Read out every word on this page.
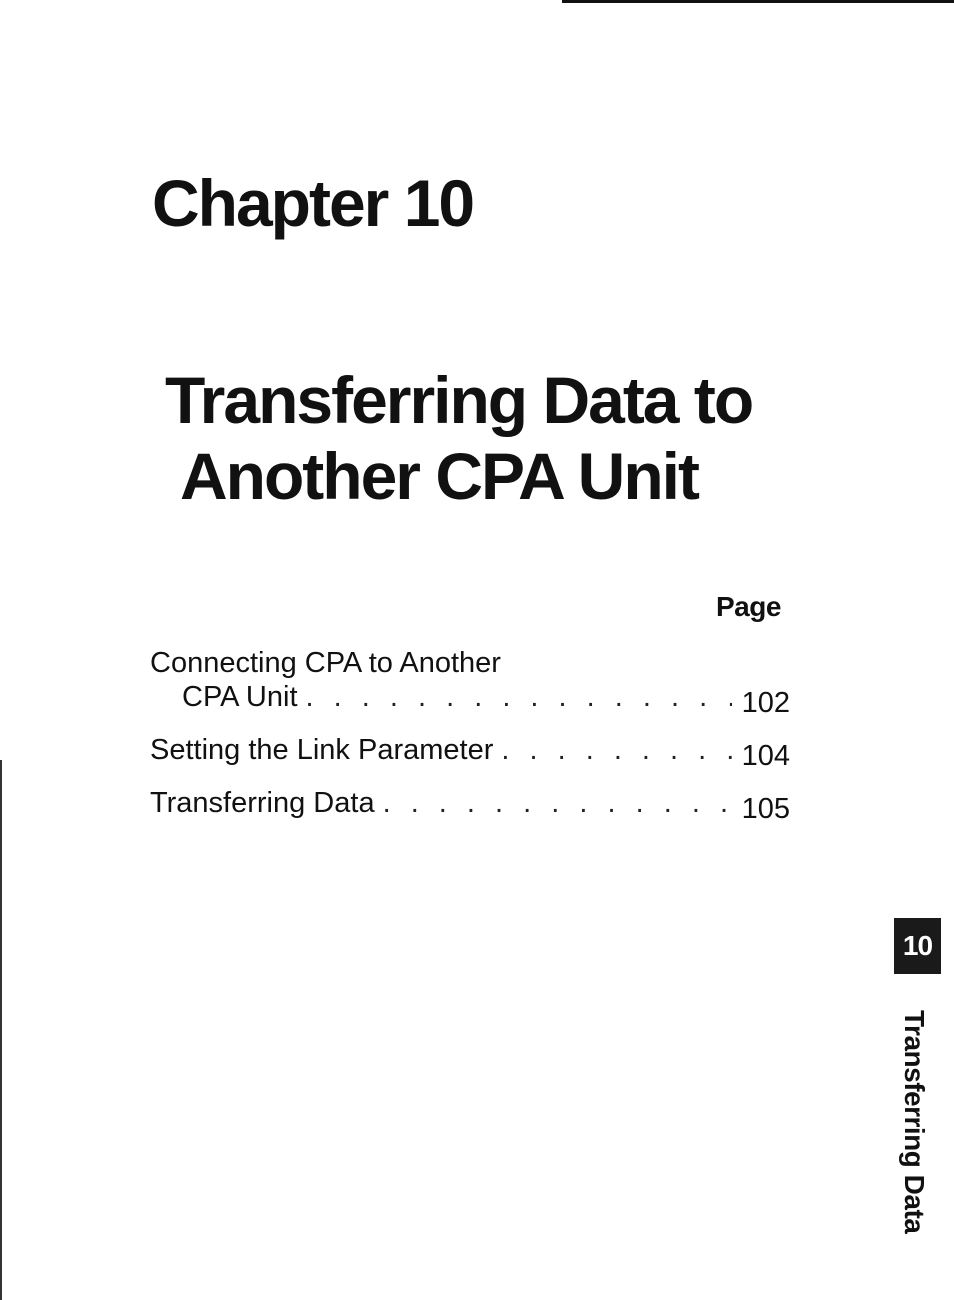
Chapter 10
Transferring Data to
Another CPA Unit
Page
Connecting CPA to Another
CPA Unit . . .	102
Setting the Link Parameter . . .	104
Transferring Data . . .	105
10
Transferring Data
